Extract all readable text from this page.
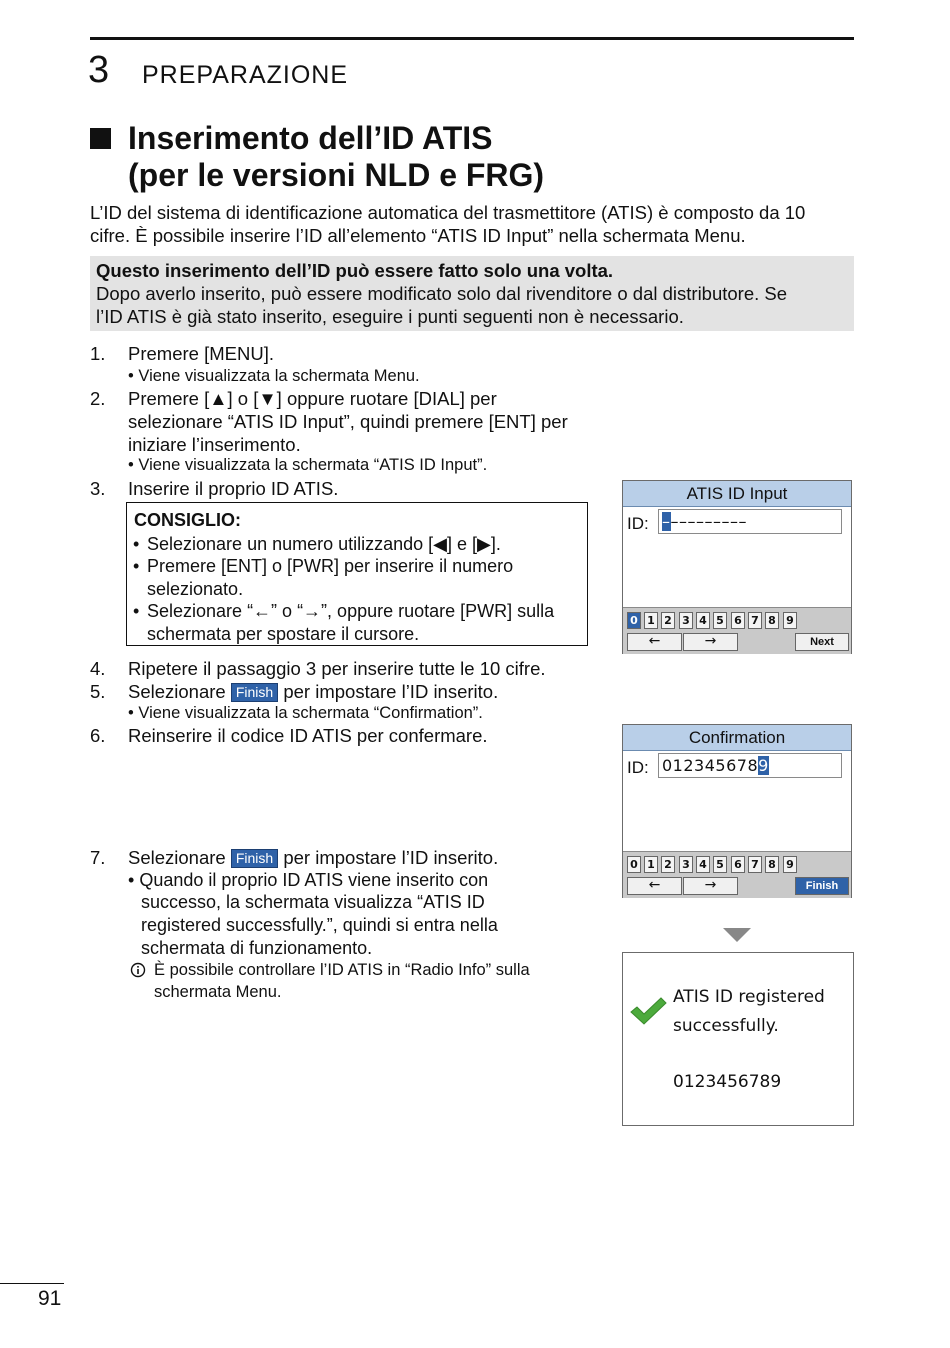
3 PREPARAZIONE
Inserimento dell’ID ATIS
(per le versioni NLD e FRG)
L’ID del sistema di identificazione automatica del trasmettitore (ATIS) è composto da 10
cifre. È possibile inserire l’ID all’elemento “ATIS ID Input” nella schermata Menu.
Questo inserimento dell’ID può essere fatto solo una volta.
Dopo averlo inserito, può essere modificato solo dal rivenditore o dal distributore. Se
l’ID ATIS è già stato inserito, eseguire i punti seguenti non è necessario.
1. Premere [MENU].
• Viene visualizzata la schermata Menu.
2. Premere [▲] o [▼] oppure ruotare [DIAL] per
selezionare “ATIS ID Input”, quindi premere [ENT] per
iniziare l’inserimento.
• Viene visualizzata la schermata “ATIS ID Input”.
3. Inserire il proprio ID ATIS.
CONSIGLIO:
• Selezionare un numero utilizzando [◀] e [▶].
• Premere [ENT] o [PWR] per inserire il numero
selezionato.
• Selezionare “←” o “→”, oppure ruotare [PWR] sulla
schermata per spostare il cursore.
4. Ripetere il passaggio 3 per inserire tutte le 10 cifre.
5. Selezionare Finish per impostare l’ID inserito.
• Viene visualizzata la schermata “Confirmation”.
6. Reinserire il codice ID ATIS per confermare.
7. Selezionare Finish per impostare l’ID inserito.
• Quando il proprio ID ATIS viene inserito con
successo, la schermata visualizza “ATIS ID
registered successfully.”, quindi si entra nella
schermata di funzionamento.
È possibile controllare l’ID ATIS in “Radio Info” sulla
schermata Menu.
ATIS ID Input
ID: ––––––––––
0 1 2 3 4 5 6 7 8 9
←	→	Next
Confirmation
ID: 0123456789
0 1 2 3 4 5 6 7 8 9
←	→	Finish
ATIS ID registered
successfully.
0123456789
91
